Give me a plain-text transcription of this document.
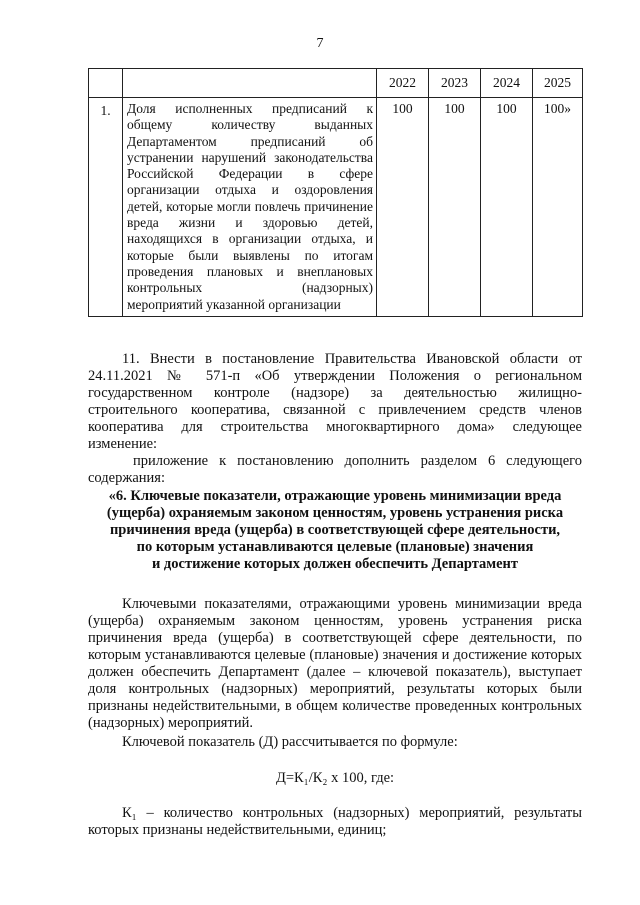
7
		2022	2023	2024	2025
1.	Доля исполненных предписаний к общему количеству выданных Департаментом предписаний об устранении нарушений законодательства Российской Федерации в сфере организации отдыха и оздоровления детей, которые могли повлечь причинение вреда жизни и здоровью детей, находящихся в организации отдыха, и которые были выявлены по итогам проведения плановых и внеплановых контрольных (надзорных)
мероприятий указанной организации	100	100	100	100»

11. Внести в постановление Правительства Ивановской области от 24.11.2021 № 571-п «Об утверждении Положения о региональном государственном контроле (надзоре) за деятельностью жилищно-строительного кооператива, связанной с привлечением средств членов кооператива для строительства многоквартирного дома» следующее изменение:

приложение к постановлению дополнить разделом 6 следующего содержания:

«6. Ключевые показатели, отражающие уровень минимизации вреда
(ущерба) охраняемым законом ценностям, уровень устранения риска
причинения вреда (ущерба) в соответствующей сфере деятельности,
по которым устанавливаются целевые (плановые) значения
и достижение которых должен обеспечить Департамент

Ключевыми показателями, отражающими уровень минимизации вреда (ущерба) охраняемым законом ценностям, уровень устранения риска причинения вреда (ущерба) в соответствующей сфере деятельности, по которым устанавливаются целевые (плановые) значения и достижение которых должен обеспечить Департамент (далее – ключевой показатель), выступает доля контрольных (надзорных) мероприятий, результаты которых были признаны недействительными, в общем количестве проведенных контрольных (надзорных) мероприятий.

Ключевой показатель (Д) рассчитывается по формуле:

Д=К₁/К₂ х 100, где:

К₁ – количество контрольных (надзорных) мероприятий, результаты которых признаны недействительными, единиц;
